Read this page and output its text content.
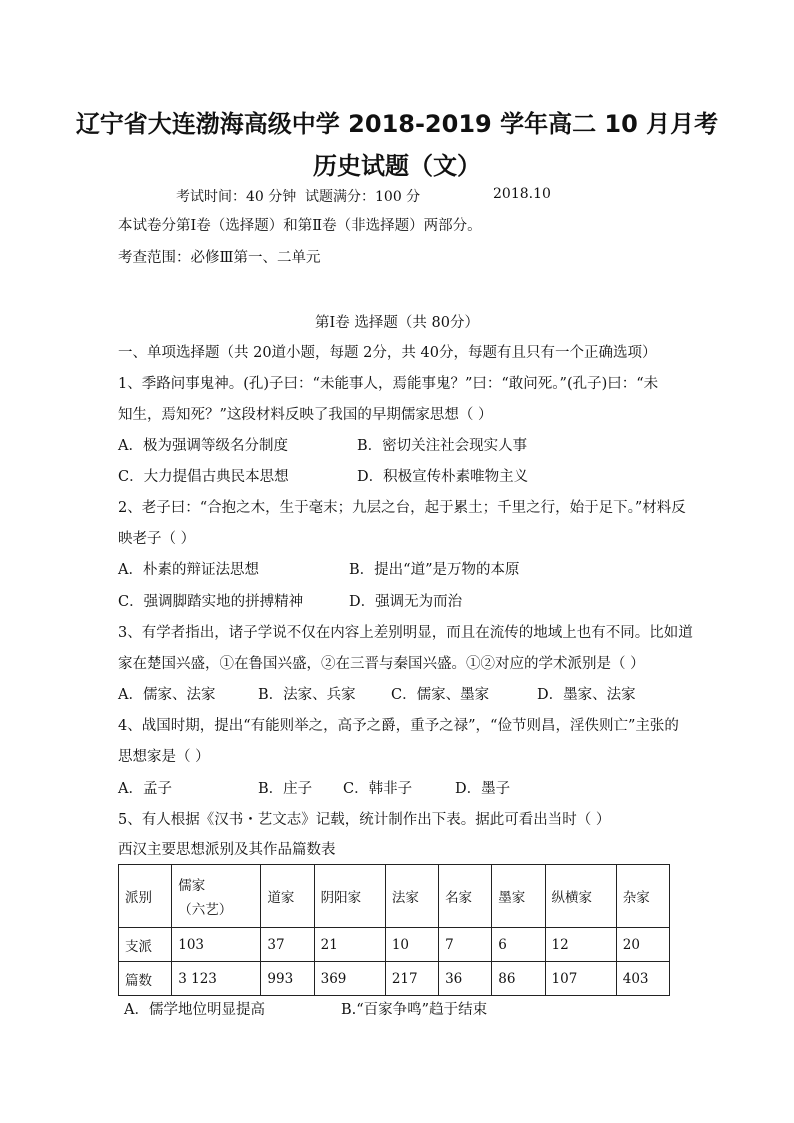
辽宁省大连渤海高级中学 2018-2019 学年高二 10 月月考
历史试题（文）
考试时间：40 分钟 试题满分：100 分	2018.10
本试卷分第Ⅰ卷（选择题）和第Ⅱ卷（非选择题）两部分。
考查范围：必修Ⅲ第一、二单元
第Ⅰ卷 选择题（共 80分）
一、单项选择题（共 20道小题，每题 2分，共 40分，每题有且只有一个正确选项）
1、季路问事鬼神。(孔)子曰：“未能事人，焉能事鬼？”曰：“敢问死。”(孔子)曰：“未
知生，焉知死？”这段材料反映了我国的早期儒家思想（ ）
A．极为强调等级名分制度	B．密切关注社会现实人事
C．大力提倡古典民本思想	D．积极宣传朴素唯物主义
2、老子曰：“合抱之木，生于毫末；九层之台，起于累土；千里之行，始于足下。”材料反
映老子（ ）
A．朴素的辩证法思想	B．提出“道”是万物的本原
C．强调脚踏实地的拼搏精神	D．强调无为而治
3、有学者指出，诸子学说不仅在内容上差别明显，而且在流传的地域上也有不同。比如道
家在楚国兴盛，①在鲁国兴盛，②在三晋与秦国兴盛。①②对应的学术派别是（ ）
A．儒家、法家	B．法家、兵家 C．儒家、墨家	D．墨家、法家
4、战国时期，提出“有能则举之，高予之爵，重予之禄”，“俭节则昌，淫佚则亡”主张的
思想家是（ ）
A．孟子	B．庄子 C．韩非子	D．墨子
5、有人根据《汉书・艺文志》记载，统计制作出下表。据此可看出当时（ ）
西汉主要思想派别及其作品篇数表
派别	儒家
（六艺）	道家	阴阳家	法家	名家	墨家	纵横家	杂家
支派	103	37	21	10	7	6	12	20
篇数	3 123	993	369	217	36	86	107	403
A．儒学地位明显提高	B.“百家争鸣”趋于结束
